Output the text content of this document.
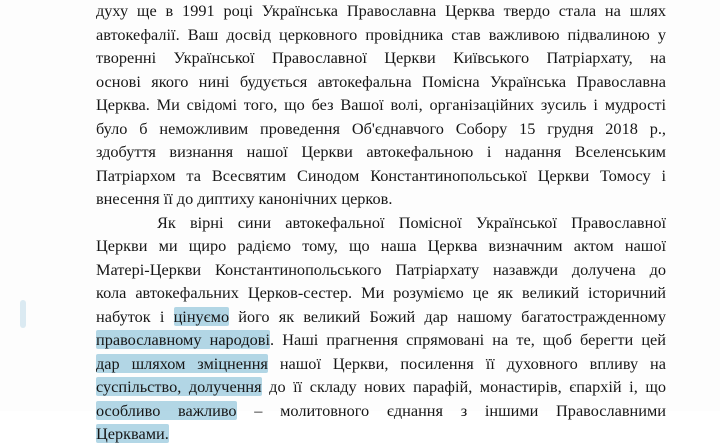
духу ще в 1991 році Українська Православна Церква твердо стала на шлях
автокефалії. Ваш досвід церковного провідника став важливою підвалиною у
творенні Української Православної Церкви Київського Патріархату, на
основі якого нині будується автокефальна Помісна Українська Православна
Церква. Ми свідомі того, що без Вашої волі, організаційних зусиль і мудрості
було б неможливим проведення Об'єднавчого Собору 15 грудня 2018 р.,
здобуття визнання нашої Церкви автокефальною і надання Вселенським
Патріархом та Всесвятим Синодом Константинопольської Церкви Томосу і
внесення її до диптиху канонічних церков.
Як вірні сини автокефальної Помісної Української Православної
Церкви ми щиро радіємо тому, що наша Церква визначним актом нашої
Матері-Церкви Константинопольського Патріархату назавжди долучена до
кола автокефальних Церков-сестер. Ми розуміємо це як великий історичний
набуток і цінуємо його як великий Божий дар нашому багатостраждeнному
православному народові. Наші прагнення спрямовані на те, щоб берегти цей
дар шляхом зміцнення нашої Церкви, посилення її духовного впливу на
суспільство, долучення до її складу нових парафій, монастирів, єпархій і, що
особливо важливо – молитовного єднання з іншими Православними
Церквами.
